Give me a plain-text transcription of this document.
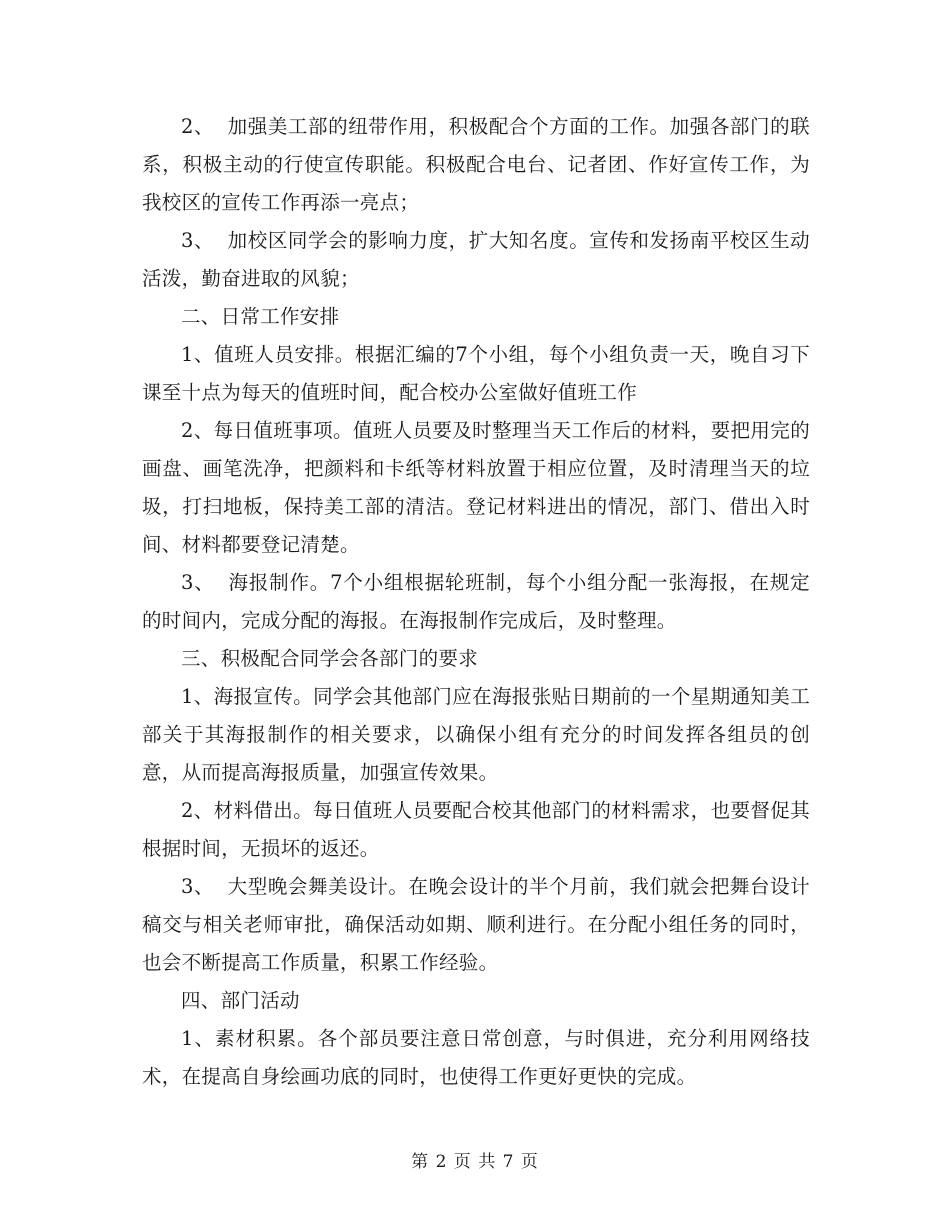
2、  加强美工部的纽带作用，积极配合个方面的工作。加强各部门的联系，积极主动的行使宣传职能。积极配合电台、记者团、作好宣传工作，为我校区的宣传工作再添一亮点；

3、  加校区同学会的影响力度，扩大知名度。宣传和发扬南平校区生动活泼，勤奋进取的风貌；

二、日常工作安排

1、值班人员安排。根据汇编的7个小组，每个小组负责一天，晚自习下课至十点为每天的值班时间，配合校办公室做好值班工作

2、每日值班事项。值班人员要及时整理当天工作后的材料，要把用完的画盘、画笔洗净，把颜料和卡纸等材料放置于相应位置，及时清理当天的垃圾，打扫地板，保持美工部的清洁。登记材料进出的情况，部门、借出入时间、材料都要登记清楚。

3、  海报制作。7个小组根据轮班制，每个小组分配一张海报，在规定的时间内，完成分配的海报。在海报制作完成后，及时整理。

三、积极配合同学会各部门的要求

1、海报宣传。同学会其他部门应在海报张贴日期前的一个星期通知美工部关于其海报制作的相关要求，以确保小组有充分的时间发挥各组员的创意，从而提高海报质量，加强宣传效果。

2、材料借出。每日值班人员要配合校其他部门的材料需求，也要督促其根据时间，无损坏的返还。

3、  大型晚会舞美设计。在晚会设计的半个月前，我们就会把舞台设计稿交与相关老师审批，确保活动如期、顺利进行。在分配小组任务的同时，也会不断提高工作质量，积累工作经验。

四、部门活动

1、素材积累。各个部员要注意日常创意，与时俱进，充分利用网络技术，在提高自身绘画功底的同时，也使得工作更好更快的完成。

第 2 页 共 7 页
